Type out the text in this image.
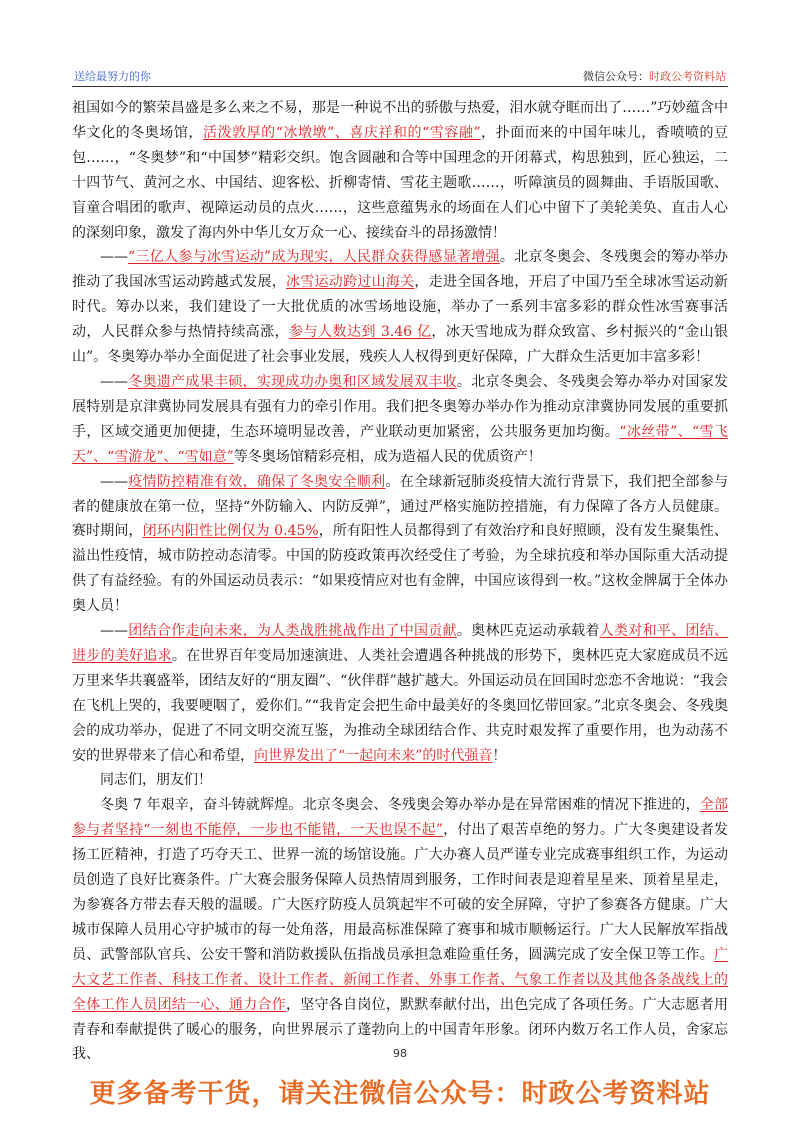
送给最努力的你	微信公众号：时政公考资料站

祖国如今的繁荣昌盛是多么来之不易，那是一种说不出的骄傲与热爱，泪水就夺眶而出了……”巧妙蕴含中华文化的冬奥场馆，活泼敦厚的“冰墩墩”、喜庆祥和的“雪容融”，扑面而来的中国年味儿，香喷喷的豆包……，“冬奥梦”和“中国梦”精彩交织。饱含圆融和合等中国理念的开闭幕式，构思独到，匠心独运，二十四节气、黄河之水、中国结、迎客松、折柳寄情、雪花主题歌……，听障演员的圆舞曲、手语版国歌、盲童合唱团的歌声、视障运动员的点火……，这些意蕴隽永的场面在人们心中留下了美轮美奂、直击人心的深刻印象，激发了海内外中华儿女万众一心、接续奋斗的昂扬激情！

——“三亿人参与冰雪运动”成为现实，人民群众获得感显著增强。北京冬奥会、冬残奥会的筹办举办推动了我国冰雪运动跨越式发展，冰雪运动跨过山海关，走进全国各地，开启了中国乃至全球冰雪运动新时代。筹办以来，我们建设了一大批优质的冰雪场地设施，举办了一系列丰富多彩的群众性冰雪赛事活动，人民群众参与热情持续高涨，参与人数达到 3.46 亿，冰天雪地成为群众致富、乡村振兴的“金山银山”。冬奥筹办举办全面促进了社会事业发展，残疾人人权得到更好保障，广大群众生活更加丰富多彩！

——冬奥遗产成果丰硕，实现成功办奥和区域发展双丰收。北京冬奥会、冬残奥会筹办举办对国家发展特别是京津冀协同发展具有强有力的牵引作用。我们把冬奥筹办举办作为推动京津冀协同发展的重要抓手，区域交通更加便捷，生态环境明显改善，产业联动更加紧密，公共服务更加均衡。“冰丝带”、“雪飞天”、“雪游龙”、“雪如意”等冬奥场馆精彩亮相，成为造福人民的优质资产！

——疫情防控精准有效，确保了冬奥安全顺利。在全球新冠肺炎疫情大流行背景下，我们把全部参与者的健康放在第一位，坚持“外防输入、内防反弹”，通过严格实施防控措施，有力保障了各方人员健康。赛时期间，闭环内阳性比例仅为 0.45%，所有阳性人员都得到了有效治疗和良好照顾，没有发生聚集性、溢出性疫情，城市防控动态清零。中国的防疫政策再次经受住了考验，为全球抗疫和举办国际重大活动提供了有益经验。有的外国运动员表示：“如果疫情应对也有金牌，中国应该得到一枚。”这枚金牌属于全体办奥人员！

——团结合作走向未来，为人类战胜挑战作出了中国贡献。奥林匹克运动承载着人类对和平、团结、进步的美好追求。在世界百年变局加速演进、人类社会遭遇各种挑战的形势下，奥林匹克大家庭成员不远万里来华共襄盛举，团结友好的“朋友圈”、“伙伴群”越扩越大。外国运动员在回国时恋恋不舍地说：“我会在飞机上哭的，我要哽咽了，爱你们。”“我肯定会把生命中最美好的冬奥回忆带回家。”北京冬奥会、冬残奥会的成功举办，促进了不同文明交流互鉴，为推动全球团结合作、共克时艰发挥了重要作用，也为动荡不安的世界带来了信心和希望，向世界发出了“一起向未来”的时代强音！

同志们，朋友们！

冬奥 7 年艰辛，奋斗铸就辉煌。北京冬奥会、冬残奥会筹办举办是在异常困难的情况下推进的，全部参与者坚持“一刻也不能停，一步也不能错，一天也误不起”，付出了艰苦卓绝的努力。广大冬奥建设者发扬工匠精神，打造了巧夺天工、世界一流的场馆设施。广大办赛人员严谨专业完成赛事组织工作，为运动员创造了良好比赛条件。广大赛会服务保障人员热情周到服务，工作时间表是迎着星星来、顶着星星走，为参赛各方带去春天般的温暖。广大医疗防疫人员筑起牢不可破的安全屏障，守护了参赛各方健康。广大城市保障人员用心守护城市的每一处角落，用最高标准保障了赛事和城市顺畅运行。广大人民解放军指战员、武警部队官兵、公安干警和消防救援队伍指战员承担急难险重任务，圆满完成了安全保卫等工作。广大文艺工作者、科技工作者、设计工作者、新闻工作者、外事工作者、气象工作者以及其他各条战线上的全体工作人员团结一心、通力合作，坚守各自岗位，默默奉献付出，出色完成了各项任务。广大志愿者用青春和奉献提供了暖心的服务，向世界展示了蓬勃向上的中国青年形象。闭环内数万名工作人员，舍家忘我、	98
更多备考干货，请关注微信公众号：时政公考资料站
